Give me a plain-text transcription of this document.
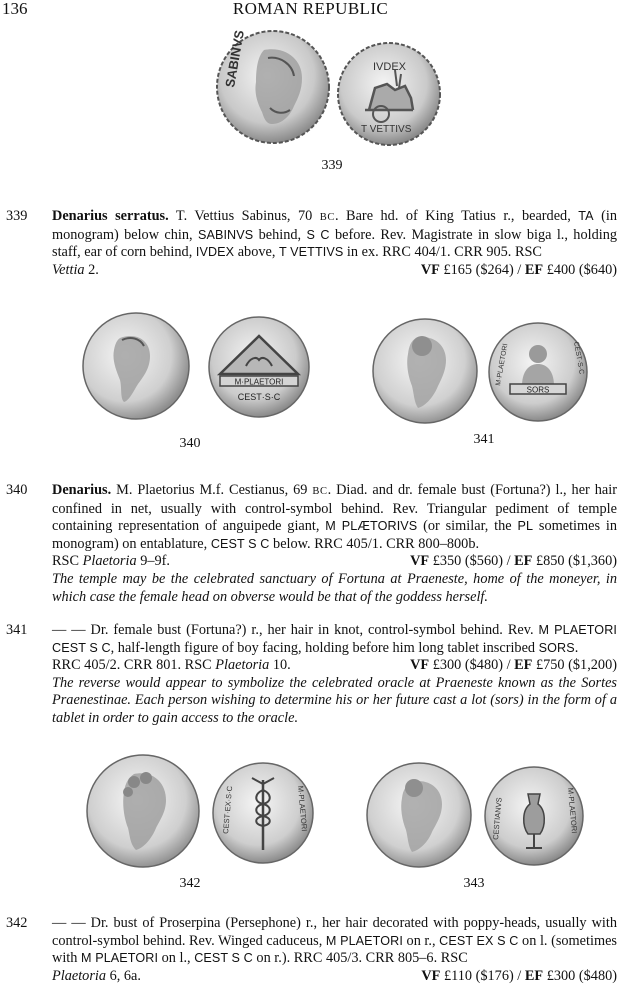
136	ROMAN REPUBLIC
SABINVS	IVDEX
T VETTIVS
339
339 Denarius serratus. T. Vettius Sabinus, 70 BC. Bare hd. of King Tatius r., bearded, TA (in monogram) below chin, SABINVS behind, S C before. Rev. Magistrate in slow biga l., holding staff, ear of corn behind, IVDEX above, T VETTIVS in ex. RRC 404/1. CRR 905. RSC
Vettia 2.	VF £165 ($264) / EF £400 ($640)
M·PLAETORI
CEST·S·C
340
SORS
M·PLAETORI	CEST·S·C
341
340 Denarius. M. Plaetorius M.f. Cestianus, 69 BC. Diad. and dr. female bust (Fortuna?) l., her hair confined in net, usually with control-symbol behind. Rev. Triangular pediment of temple containing representation of anguipede giant, M PLÆTORIVS (or similar, the PL sometimes in monogram) on entablature, CEST S C below. RRC 405/1. CRR 800–800b.
RSC Plaetoria 9–9f.	VF £350 ($560) / EF £850 ($1,360)
The temple may be the celebrated sanctuary of Fortuna at Praeneste, home of the moneyer, in which case the female head on obverse would be that of the goddess herself.
341 — — Dr. female bust (Fortuna?) r., her hair in knot, control-symbol behind. Rev. M PLAETORI CEST S C, half-length figure of boy facing, holding before him long tablet inscribed SORS.
RRC 405/2. CRR 801. RSC Plaetoria 10.	VF £300 ($480) / EF £750 ($1,200)
The reverse would appear to symbolize the celebrated oracle at Praeneste known as the Sortes Praenestinae. Each person wishing to determine his or her future cast a lot (sors) in the form of a tablet in order to gain access to the oracle.
CEST·EX·S·C	M·PLAETORI
342
CESTIANVS	M·PLAETORI
343
342 — — Dr. bust of Proserpina (Persephone) r., her hair decorated with poppy-heads, usually with control-symbol behind. Rev. Winged caduceus, M PLAETORI on r., CEST EX S C on l. (sometimes with M PLAETORI on l., CEST S C on r.). RRC 405/3. CRR 805–6. RSC
Plaetoria 6, 6a.	VF £110 ($176) / EF £300 ($480)
